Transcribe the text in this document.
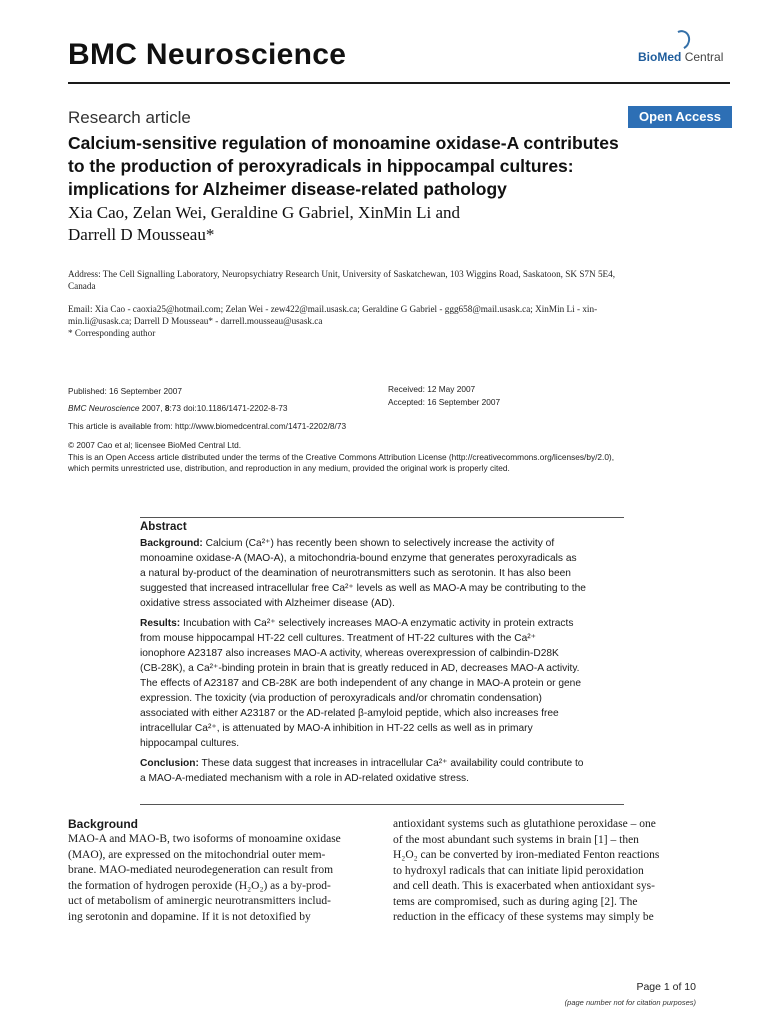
BMC Neuroscience	BioMed Central
Research article	Open Access
Calcium-sensitive regulation of monoamine oxidase-A contributes
to the production of peroxyradicals in hippocampal cultures:
implications for Alzheimer disease-related pathology
Xia Cao, Zelan Wei, Geraldine G Gabriel, XinMin Li and
Darrell D Mousseau*
Address: The Cell Signalling Laboratory, Neuropsychiatry Research Unit, University of Saskatchewan, 103 Wiggins Road, Saskatoon, SK S7N 5E4,
Canada
Email: Xia Cao - caoxia25@hotmail.com; Zelan Wei - zew422@mail.usask.ca; Geraldine G Gabriel - ggg658@mail.usask.ca; XinMin Li - xin-
min.li@usask.ca; Darrell D Mousseau* - darrell.mousseau@usask.ca
* Corresponding author
Published: 16 September 2007
BMC Neuroscience 2007, 8:73 doi:10.1186/1471-2202-8-73
Received: 12 May 2007
Accepted: 16 September 2007
This article is available from: http://www.biomedcentral.com/1471-2202/8/73
© 2007 Cao et al; licensee BioMed Central Ltd.
This is an Open Access article distributed under the terms of the Creative Commons Attribution License (http://creativecommons.org/licenses/by/2.0),
which permits unrestricted use, distribution, and reproduction in any medium, provided the original work is properly cited.
Abstract
Background: Calcium (Ca²⁺) has recently been shown to selectively increase the activity of
monoamine oxidase-A (MAO-A), a mitochondria-bound enzyme that generates peroxyradicals as
a natural by-product of the deamination of neurotransmitters such as serotonin. It has also been
suggested that increased intracellular free Ca²⁺ levels as well as MAO-A may be contributing to the
oxidative stress associated with Alzheimer disease (AD).
Results: Incubation with Ca²⁺ selectively increases MAO-A enzymatic activity in protein extracts
from mouse hippocampal HT-22 cell cultures. Treatment of HT-22 cultures with the Ca²⁺
ionophore A23187 also increases MAO-A activity, whereas overexpression of calbindin-D28K
(CB-28K), a Ca²⁺-binding protein in brain that is greatly reduced in AD, decreases MAO-A activity.
The effects of A23187 and CB-28K are both independent of any change in MAO-A protein or gene
expression. The toxicity (via production of peroxyradicals and/or chromatin condensation)
associated with either A23187 or the AD-related β-amyloid peptide, which also increases free
intracellular Ca²⁺, is attenuated by MAO-A inhibition in HT-22 cells as well as in primary
hippocampal cultures.
Conclusion: These data suggest that increases in intracellular Ca²⁺ availability could contribute to
a MAO-A-mediated mechanism with a role in AD-related oxidative stress.
Background
MAO-A and MAO-B, two isoforms of monoamine oxidase
(MAO), are expressed on the mitochondrial outer mem-
brane. MAO-mediated neurodegeneration can result from
the formation of hydrogen peroxide (H₂O₂) as a by-prod-
uct of metabolism of aminergic neurotransmitters includ-
ing serotonin and dopamine. If it is not detoxified by
antioxidant systems such as glutathione peroxidase – one
of the most abundant such systems in brain [1] – then
H₂O₂ can be converted by iron-mediated Fenton reactions
to hydroxyl radicals that can initiate lipid peroxidation
and cell death. This is exacerbated when antioxidant sys-
tems are compromised, such as during aging [2]. The
reduction in the efficacy of these systems may simply be
Page 1 of 10
(page number not for citation purposes)
